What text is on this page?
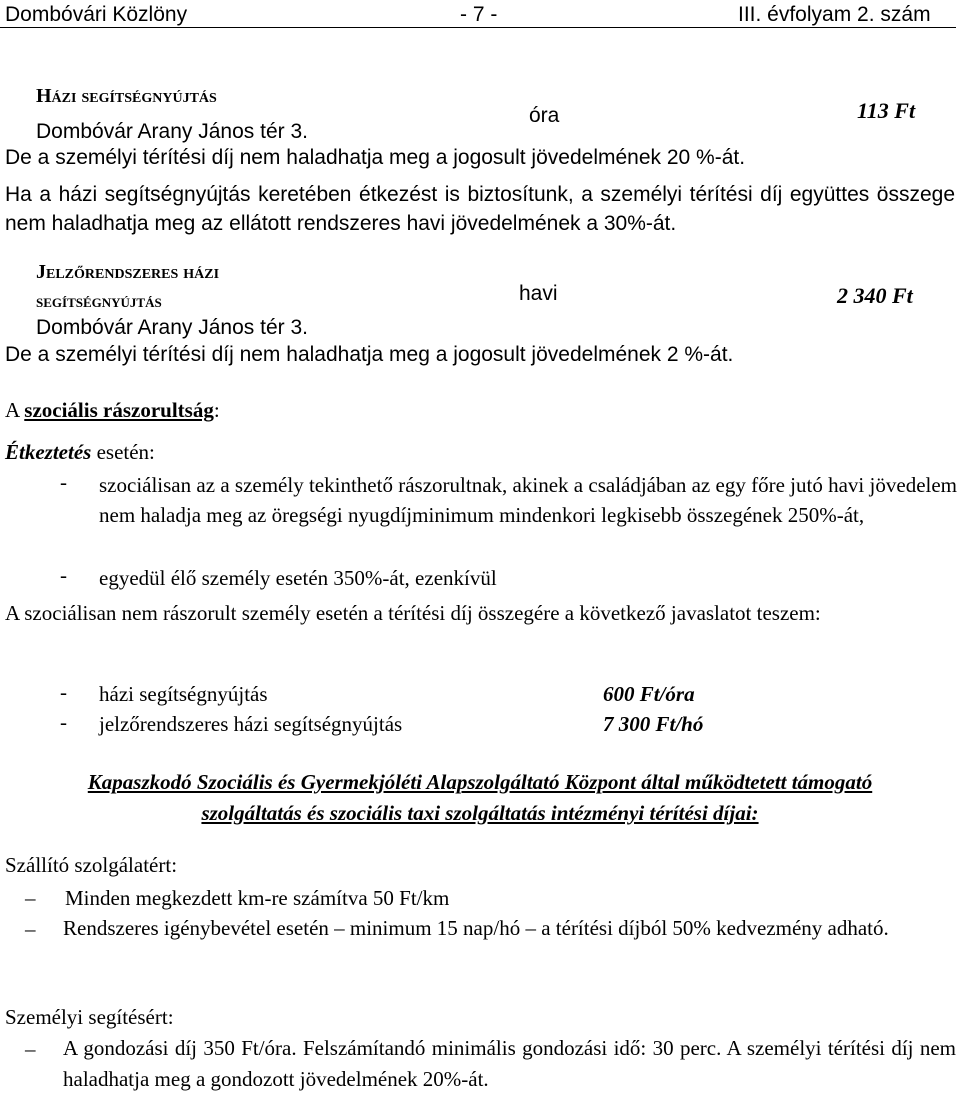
Dombóvári Közlöny	- 7 -	III. évfolyam 2. szám
Házi segítségnyújtás
óra	113 Ft
Dombóvár Arany János tér 3.
De a személyi térítési díj nem haladhatja meg a jogosult jövedelmének 20 %-át.
Ha a házi segítségnyújtás keretében étkezést is biztosítunk, a személyi térítési díj együttes összege nem haladhatja meg az ellátott rendszeres havi jövedelmének a 30%-át.
Jelzőrendszeres házi
segítségnyújtás	havi	2 340 Ft
Dombóvár Arany János tér 3.
De a személyi térítési díj nem haladhatja meg a jogosult jövedelmének 2 %-át.
A szociális rászorultság:
Étkeztetés esetén:
- szociálisan az a személy tekinthető rászorultnak, akinek a családjában az egy főre jutó havi jövedelem nem haladja meg az öregségi nyugdíjminimum mindenkori legkisebb összegének 250%-át,
- egyedül élő személy esetén 350%-át, ezenkívül
A szociálisan nem rászorult személy esetén a térítési díj összegére a következő javaslatot teszem:
- házi segítségnyújtás	600 Ft/óra
- jelzőrendszeres házi segítségnyújtás	7 300 Ft/hó
Kapaszkodó Szociális és Gyermekjóléti Alapszolgáltató Központ által működtetett támogató
szolgáltatás és szociális taxi szolgáltatás intézményi térítési díjai:
Szállító szolgálatért:
– Minden megkezdett km-re számítva 50 Ft/km
– Rendszeres igénybevétel esetén – minimum 15 nap/hó – a térítési díjból 50% kedvezmény adható.
Személyi segítésért:
– A gondozási díj 350 Ft/óra. Felszámítandó minimális gondozási idő: 30 perc. A személyi térítési díj nem haladhatja meg a gondozott jövedelmének 20%-át.
